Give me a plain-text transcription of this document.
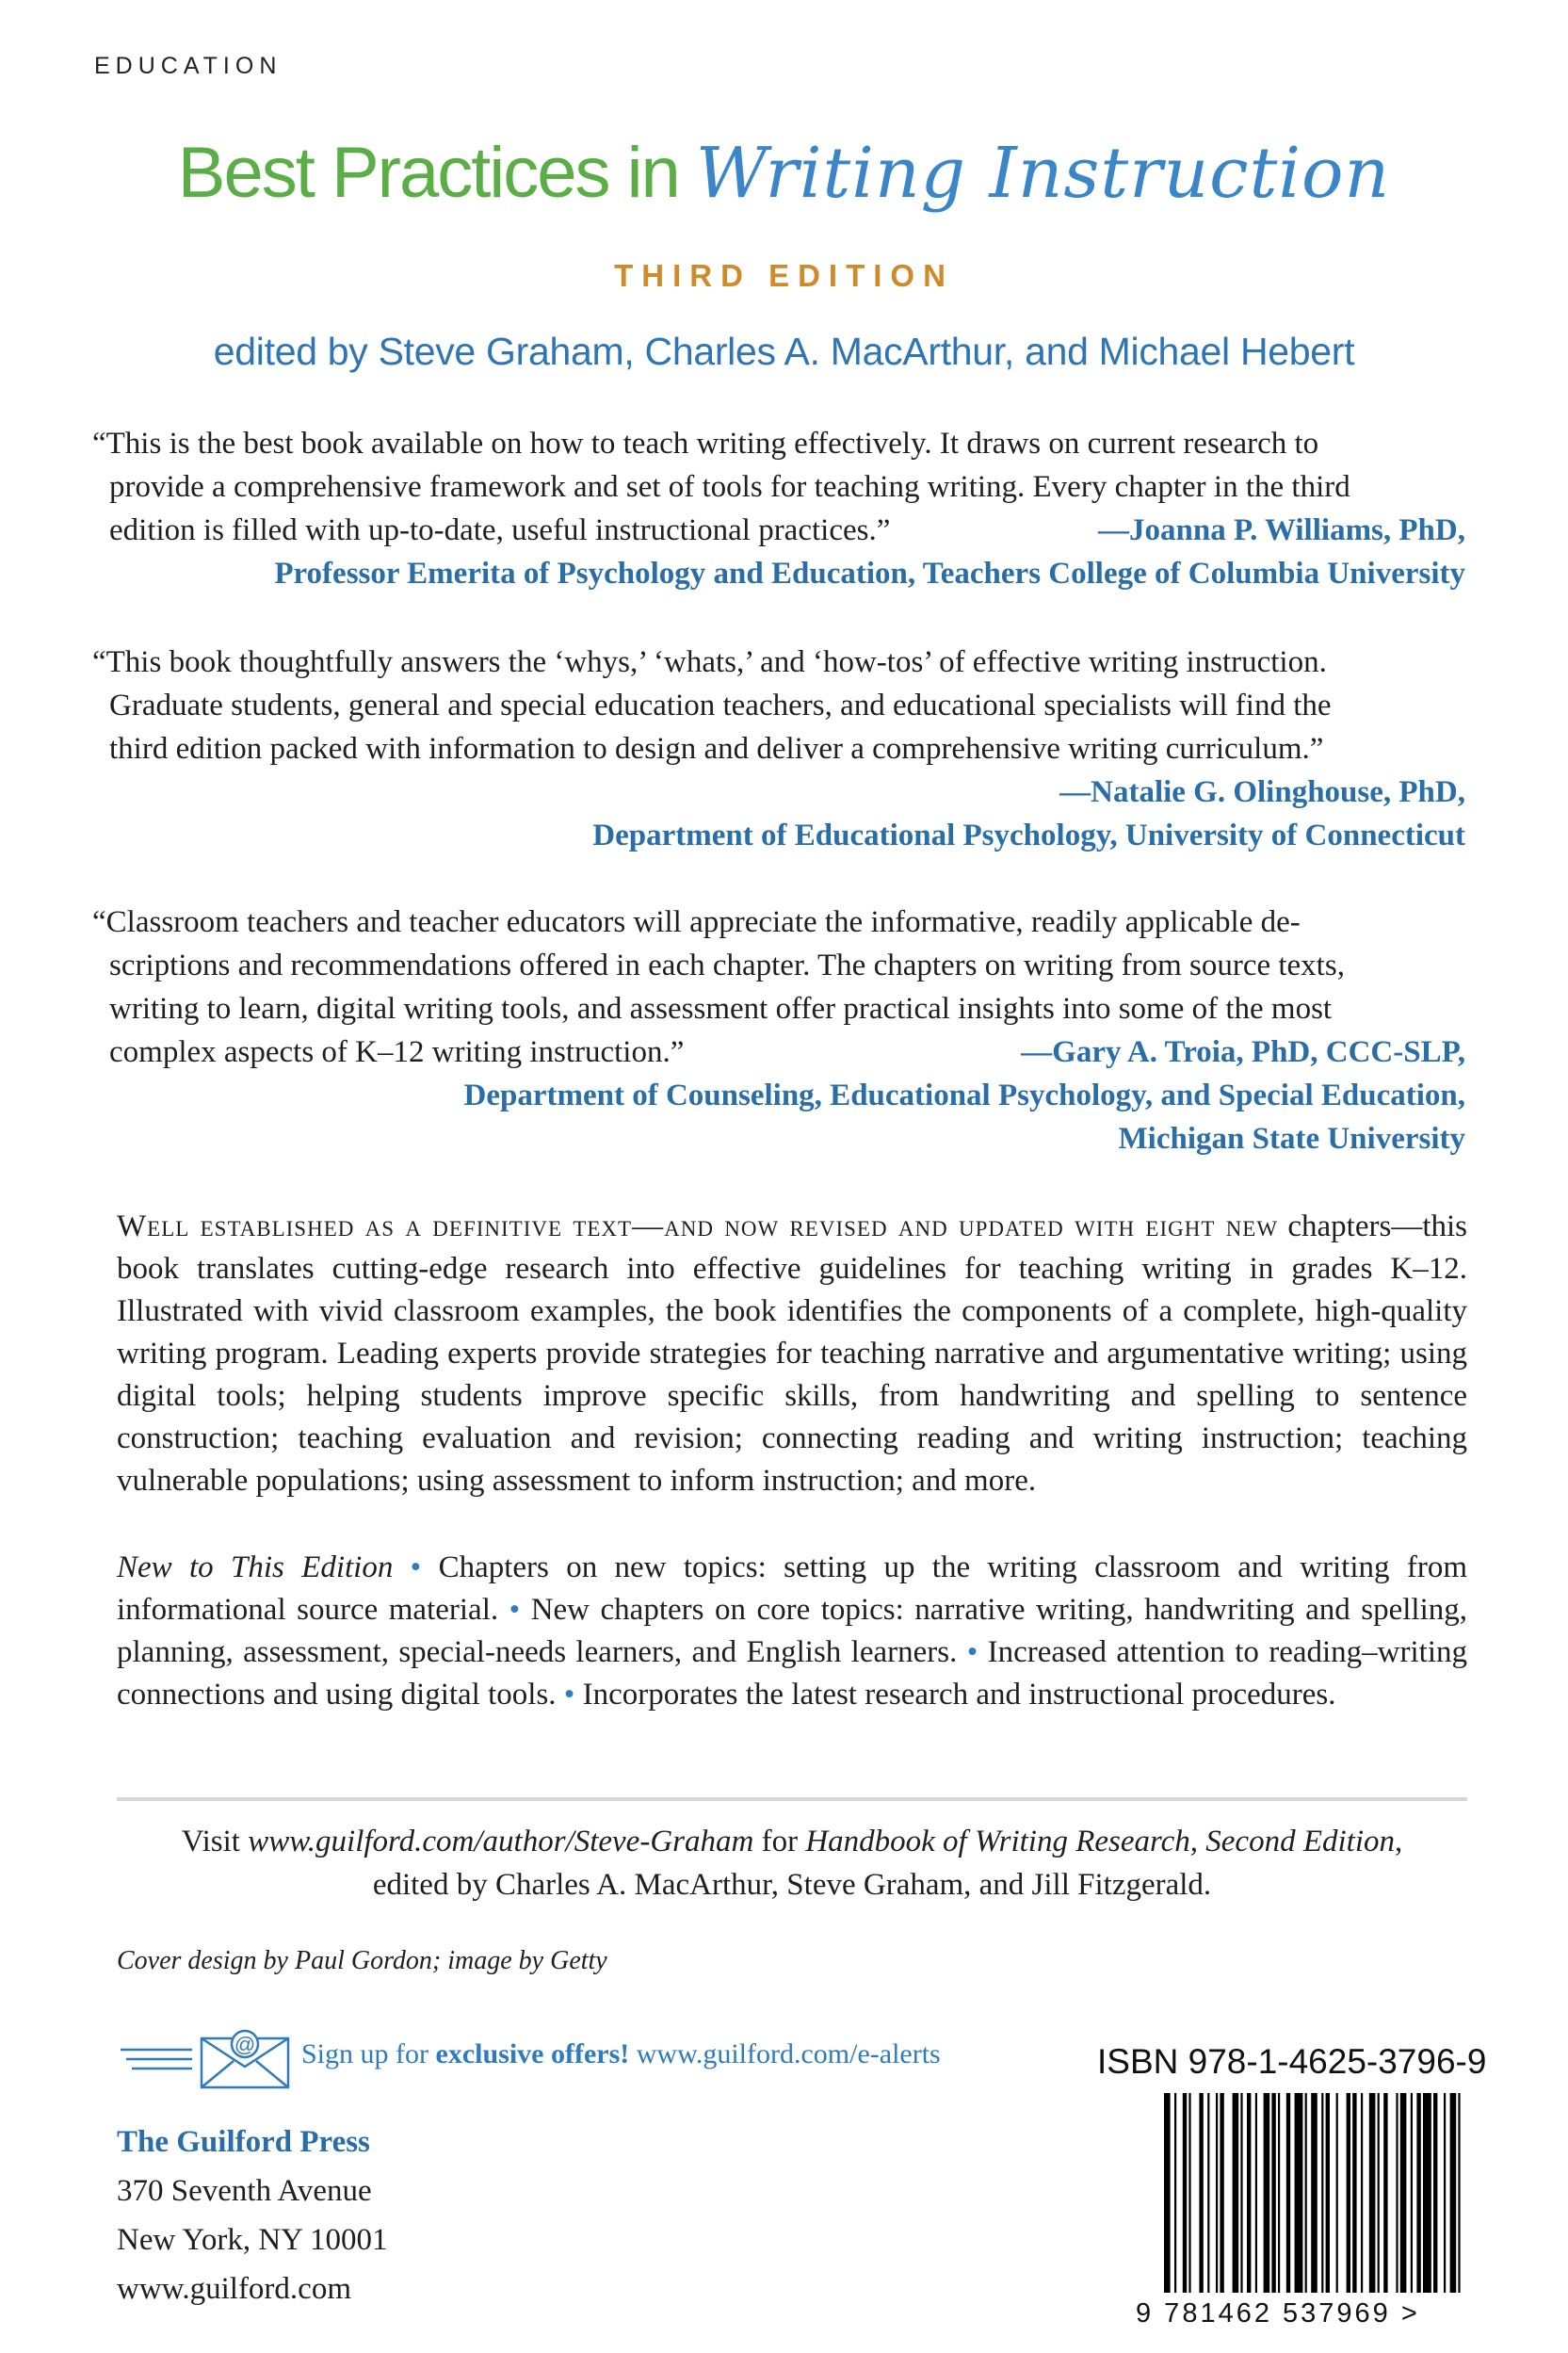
EDUCATION
Best Practices in Writing Instruction
THIRD EDITION
edited by Steve Graham, Charles A. MacArthur, and Michael Hebert
“This is the best book available on how to teach writing effectively. It draws on current research to
provide a comprehensive framework and set of tools for teaching writing. Every chapter in the third
edition is filled with up-to-date, useful instructional practices.”	—Joanna P. Williams, PhD,
Professor Emerita of Psychology and Education, Teachers College of Columbia University
“This book thoughtfully answers the ‘whys,’ ‘whats,’ and ‘how-tos’ of effective writing instruction.
Graduate students, general and special education teachers, and educational specialists will find the
third edition packed with information to design and deliver a comprehensive writing curriculum.”
—Natalie G. Olinghouse, PhD,
Department of Educational Psychology, University of Connecticut
“Classroom teachers and teacher educators will appreciate the informative, readily applicable de-
scriptions and recommendations offered in each chapter. The chapters on writing from source texts,
writing to learn, digital writing tools, and assessment offer practical insights into some of the most
complex aspects of K–12 writing instruction.”	—Gary A. Troia, PhD, CCC-SLP,
Department of Counseling, Educational Psychology, and Special Education,
Michigan State University
Well established as a definitive text—and now revised and updated with eight new chapters—this book translates cutting-edge research into effective guidelines for teaching writing in grades K–12. Illustrated with vivid classroom examples, the book identifies the components of a complete, high-quality writing program. Leading experts provide strategies for teaching narrative and argumentative writing; using digital tools; helping students improve specific skills, from handwriting and spelling to sentence construction; teaching evaluation and revision; connecting reading and writing instruction; teaching vulnerable populations; using assessment to inform instruction; and more.
New to This Edition • Chapters on new topics: setting up the writing classroom and writing from informational source material. • New chapters on core topics: narrative writing, handwriting and spelling, planning, assessment, special-needs learners, and English learners. • Increased attention to reading–writing connections and using digital tools. • Incorporates the latest research and instructional procedures.
Visit www.guilford.com/author/Steve-Graham for Handbook of Writing Research, Second Edition,
edited by Charles A. MacArthur, Steve Graham, and Jill Fitzgerald.
Cover design by Paul Gordon; image by Getty
@ Sign up for exclusive offers! www.guilford.com/e-alerts	ISBN 978-1-4625-3796-9
The Guilford Press
370 Seventh Avenue
New York, NY 10001
www.guilford.com
9 781462 537969 >
